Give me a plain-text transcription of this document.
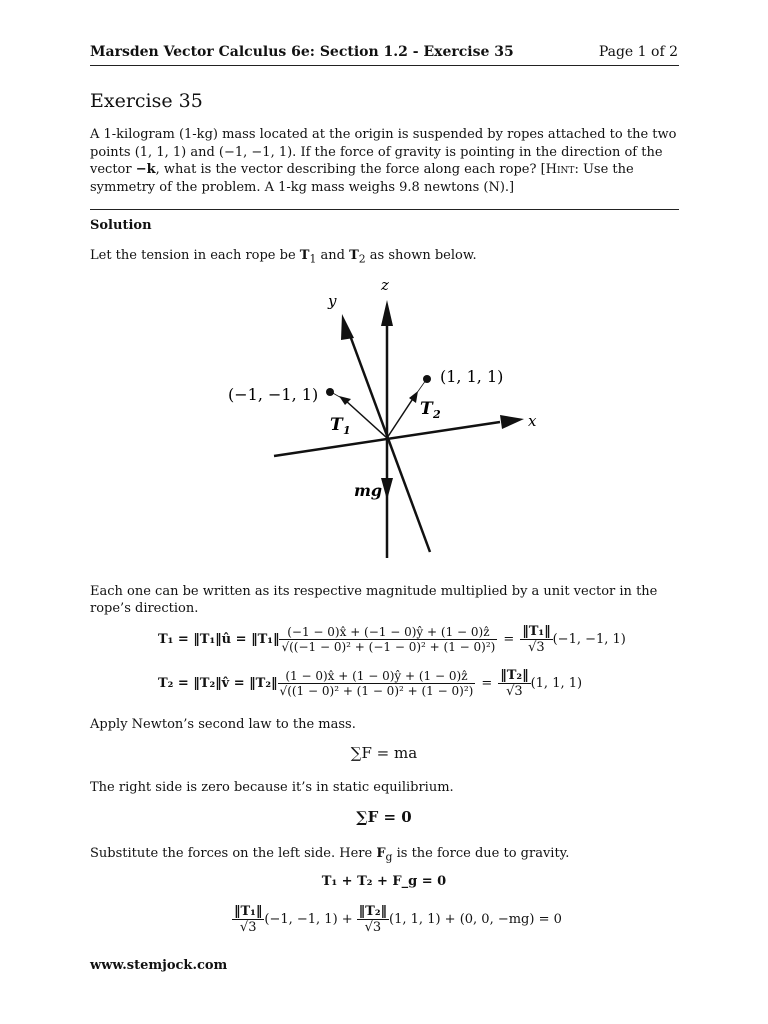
Marsden Vector Calculus 6e: Section 1.2 - Exercise 35	Page 1 of 2
Exercise 35
A 1-kilogram (1-kg) mass located at the origin is suspended by ropes attached to the two points (1, 1, 1) and (−1, −1, 1). If the force of gravity is pointing in the direction of the vector −k, what is the vector describing the force along each rope? [Hint: Use the symmetry of the problem. A 1-kg mass weighs 9.8 newtons (N).]
Solution
Let the tension in each rope be $T_1$ and $T_2$ as shown below.
y
z
x
(−1, −1, 1)
(1, 1, 1)
T 1
T 2
mg
Each one can be written as its respective magnitude multiplied by a unit vector in the rope’s direction.
T₁ = ‖T₁‖û = ‖T₁‖ $\frac{\text{(−1 − 0)x̂ + (−1 − 0)ŷ + (1 − 0)ẑ}}{\text{√((−1 − 0)² + (−1 − 0)² + (1 − 0)²)}} = \frac{\text{‖T₁‖}}{√3} (-1$, −1, 1)
T₂ = ‖T₂‖v̂ = ‖T₂‖ $\frac{\text{(1 − 0)x̂ + (1 − 0)ŷ + (1 − 0)ẑ}}{\text{√((1 − 0)² + (1 − 0)² + (1 − 0)²)}} = \frac{\text{‖T₂‖}}{√3} (1$, 1, 1)
Apply Newton’s second law to the mass.
∑F = ma
The right side is zero because it’s in static equilibrium.
∑F = 0
Substitute the forces on the left side. Here $F_g$ is the force due to gravity.
T₁ + T₂ + F_g = 0
$\frac{\text{‖T₁‖}}{√3} (-1$, −1, $1) + \frac{\text{‖T₂‖}}{√3} (1$, 1, 1) + (0, 0, −mg) = 0
www.stemjock.com
